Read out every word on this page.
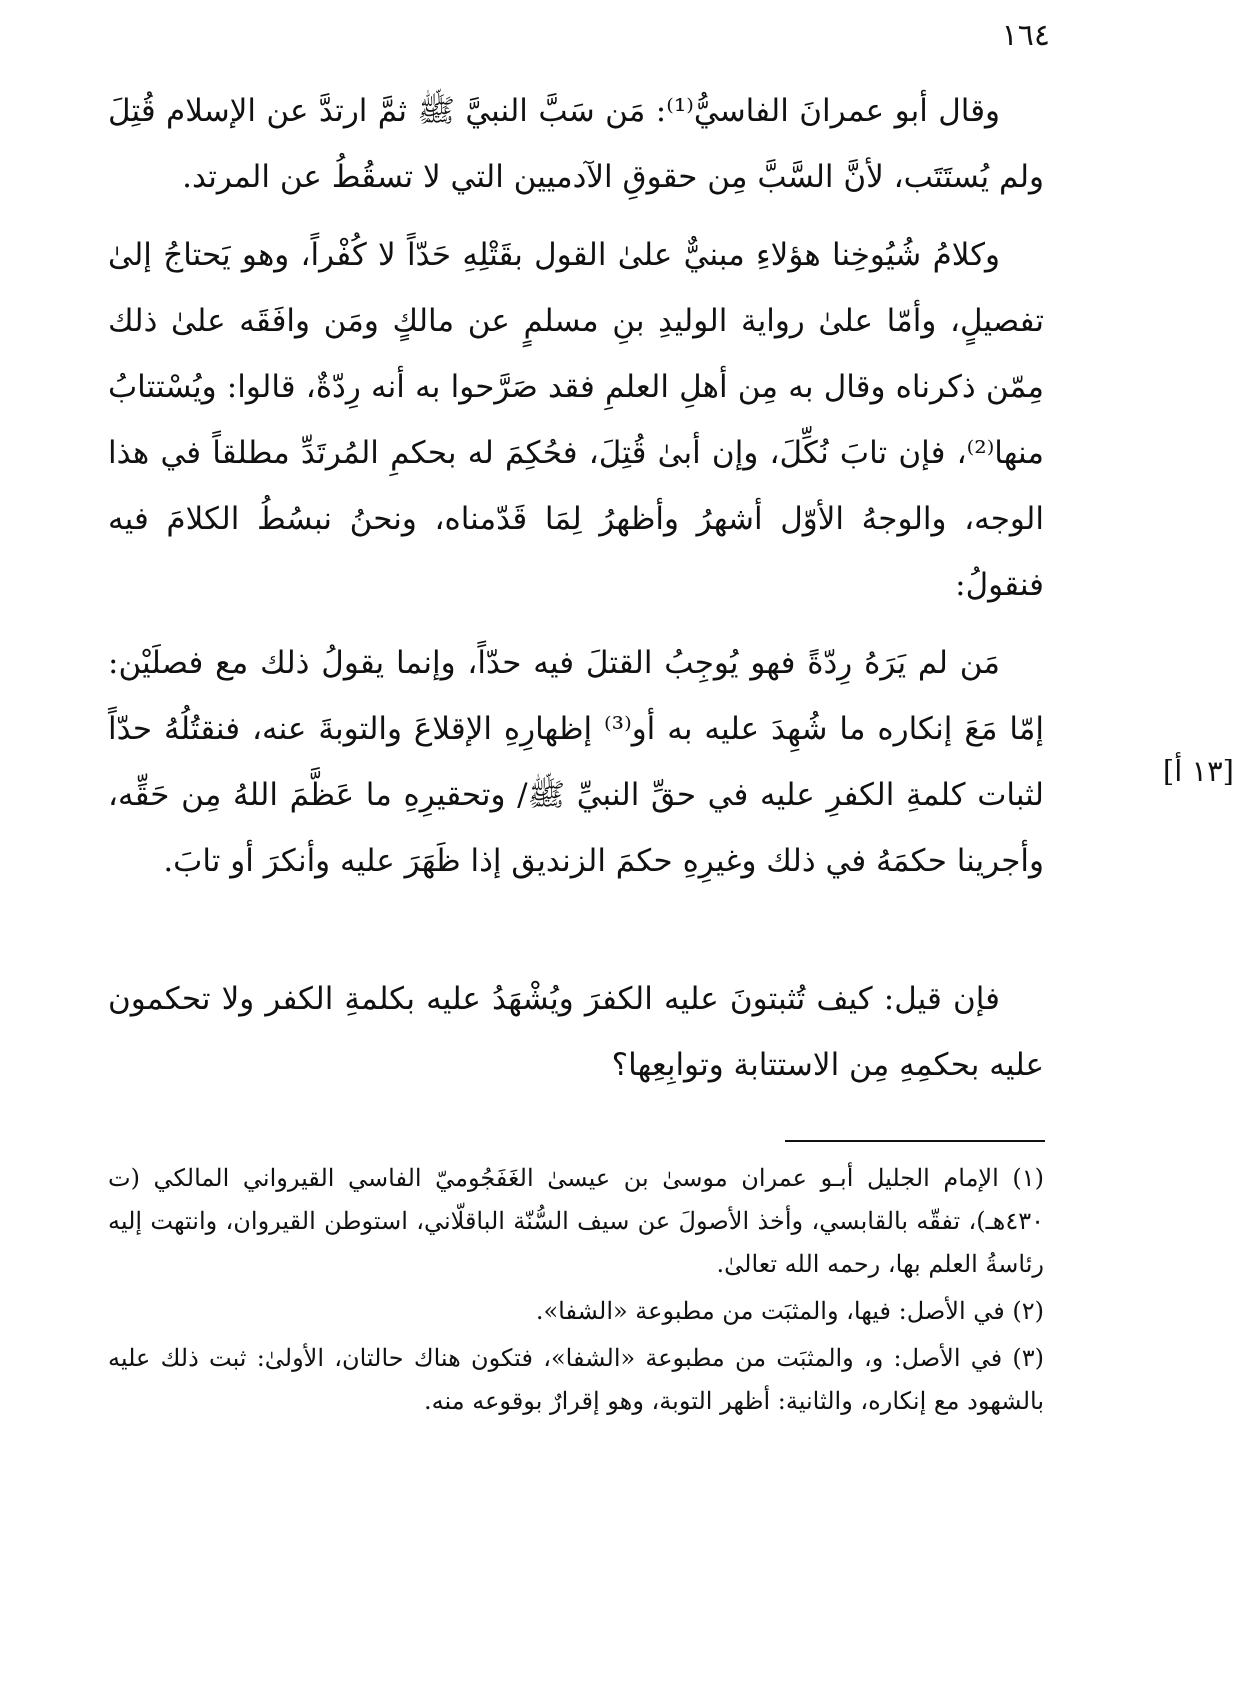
١٦٤
[١٣ أ]

وقال أبو عمرانَ الفاسيُّ⁽¹⁾: مَن سَبَّ النبيَّ ﷺ ثمَّ ارتدَّ عن الإسلام قُتِلَ ولم يُستَتَب، لأنَّ السَّبَّ مِن حقوقِ الآدميين التي لا تسقُطُ عن المرتد.

وكلامُ شُيُوخِنا هؤلاءِ مبنيٌّ علىٰ القول بقَتْلِهِ حَدّاً لا كُفْراً، وهو يَحتاجُ إلىٰ تفصيلٍ، وأمّا علىٰ رواية الوليدِ بنِ مسلمٍ عن مالكٍ ومَن وافَقَه علىٰ ذلك مِمّن ذكرناه وقال به مِن أهلِ العلمِ فقد صَرَّحوا به أنه رِدّةٌ، قالوا: ويُسْتتابُ منها⁽²⁾، فإن تابَ نُكِّلَ، وإن أبىٰ قُتِلَ، فحُكِمَ له بحكمِ المُرتَدِّ مطلقاً في هذا الوجه، والوجهُ الأوّل أشهرُ وأظهرُ لِمَا قَدّمناه، ونحنُ نبسُطُ الكلامَ فيه فنقولُ:

مَن لم يَرَهُ رِدّةً فهو يُوجِبُ القتلَ فيه حدّاً، وإنما يقولُ ذلك مع فصلَيْن: إمّا مَعَ إنكاره ما شُهِدَ عليه به أو⁽³⁾ إظهارِهِ الإقلاعَ والتوبةَ عنه، فنقتُلُهُ حدّاً لثبات كلمةِ الكفرِ عليه في حقِّ النبيِّ ﷺ/ وتحقيرِهِ ما عَظَّمَ اللهُ مِن حَقِّه، وأجرينا حكمَهُ في ذلك وغيرِهِ حكمَ الزنديق إذا ظَهَرَ عليه وأنكرَ أو تابَ.

فإن قيل: كيف تُثبتونَ عليه الكفرَ ويُشْهَدُ عليه بكلمةِ الكفر ولا تحكمون عليه بحكمِهِ مِن الاستتابة وتوابِعِها؟

(١) الإمام الجليل أبـو عمران موسىٰ بن عيسىٰ الغَفَجُوميّ الفاسي القيرواني المالكي (ت ٤٣٠هـ)، تفقّه بالقابسي، وأخذ الأصولَ عن سيف السُّنّة الباقلّاني، استوطن القيروان، وانتهت إليه رئاسةُ العلم بها، رحمه الله تعالىٰ.

(٢) في الأصل: فيها، والمثبَت من مطبوعة «الشفا».

(٣) في الأصل: و، والمثبَت من مطبوعة «الشفا»، فتكون هناك حالتان، الأولىٰ: ثبت ذلك عليه بالشهود مع إنكاره، والثانية: أظهر التوبة، وهو إقرارٌ بوقوعه منه.
